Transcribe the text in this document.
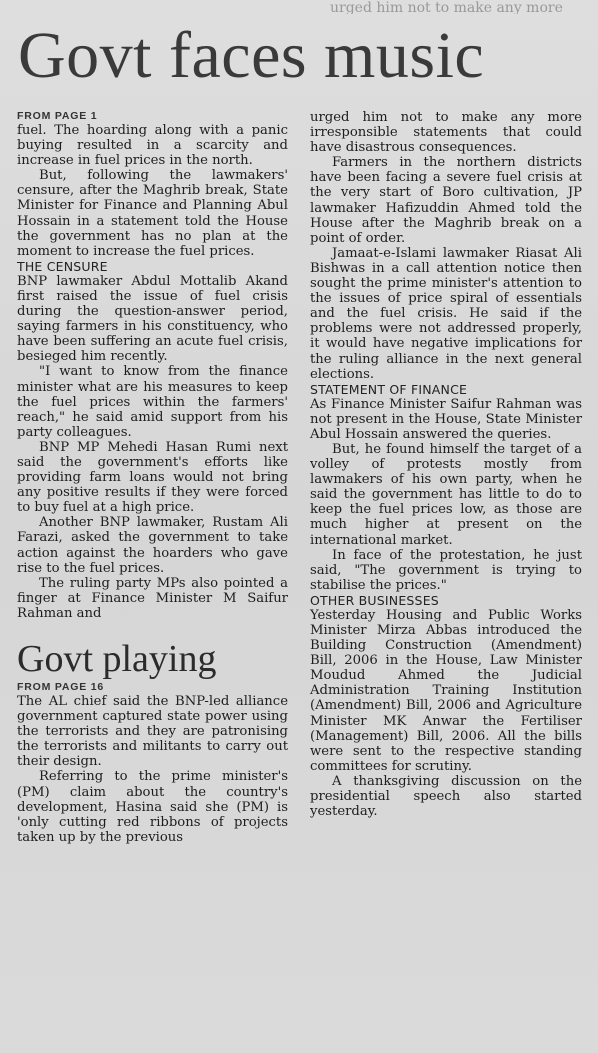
urged him not to make any more
Govt faces music

FROM PAGE 1

fuel. The hoarding along with a panic buying resulted in a scarcity and increase in fuel prices in the north.

But, following the lawmakers' censure, after the Maghrib break, State Minister for Finance and Planning Abul Hossain in a statement told the House the government has no plan at the moment to increase the fuel prices.

THE CENSURE

BNP lawmaker Abdul Mottalib Akand first raised the issue of fuel crisis during the question-answer period, saying farmers in his constituency, who have been suffering an acute fuel crisis, besieged him recently.

"I want to know from the finance minister what are his measures to keep the fuel prices within the farmers' reach," he said amid support from his party colleagues.

BNP MP Mehedi Hasan Rumi next said the government's efforts like providing farm loans would not bring any positive results if they were forced to buy fuel at a high price.

Another BNP lawmaker, Rustam Ali Farazi, asked the government to take action against the hoarders who gave rise to the fuel prices.

The ruling party MPs also pointed a finger at Finance Minister M Saifur Rahman and

Govt playing

FROM PAGE 16

The AL chief said the BNP-led alliance government captured state power using the terrorists and they are patronising the terrorists and militants to carry out their design.

Referring to the prime minister's (PM) claim about the country's development, Hasina said she (PM) is 'only cutting red ribbons of projects taken up by the previous

urged him not to make any more irresponsible statements that could have disastrous consequences.

Farmers in the northern districts have been facing a severe fuel crisis at the very start of Boro cultivation, JP lawmaker Hafizuddin Ahmed told the House after the Maghrib break on a point of order.

Jamaat-e-Islami lawmaker Riasat Ali Bishwas in a call attention notice then sought the prime minister's attention to the issues of price spiral of essentials and the fuel crisis. He said if the problems were not addressed properly, it would have negative implications for the ruling alliance in the next general elections.

STATEMENT OF FINANCE

As Finance Minister Saifur Rahman was not present in the House, State Minister Abul Hossain answered the queries.

But, he found himself the target of a volley of protests mostly from lawmakers of his own party, when he said the government has little to do to keep the fuel prices low, as those are much higher at present on the international market.

In face of the protestation, he just said, "The government is trying to stabilise the prices."

OTHER BUSINESSES

Yesterday Housing and Public Works Minister Mirza Abbas introduced the Building Construction (Amendment) Bill, 2006 in the House, Law Minister Moudud Ahmed the Judicial Administration Training Institution (Amendment) Bill, 2006 and Agriculture Minister MK Anwar the Fertiliser (Management) Bill, 2006. All the bills were sent to the respective standing committees for scrutiny.

A thanksgiving discussion on the presidential speech also started yesterday.
